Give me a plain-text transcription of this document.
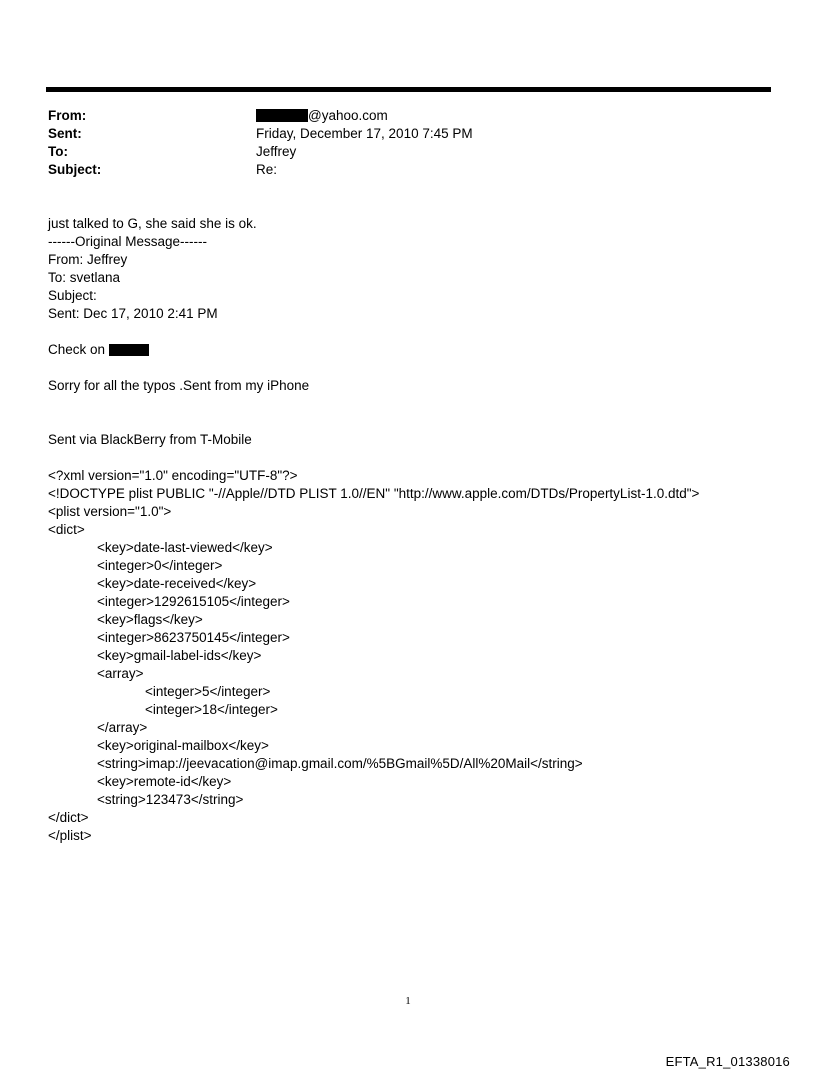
From:	@yahoo.com
Sent:	Friday, December 17, 2010 7:45 PM
To:	Jeffrey
Subject:	Re:
just talked to G, she said she is ok.
------Original Message------
From: Jeffrey
To: svetlana
Subject:
Sent: Dec 17, 2010 2:41 PM
Check on
Sorry for all the typos .Sent from my iPhone
Sent via BlackBerry from T-Mobile
<?xml version="1.0" encoding="UTF-8"?>
<!DOCTYPE plist PUBLIC "-//Apple//DTD PLIST 1.0//EN" "http://www.apple.com/DTDs/PropertyList-1.0.dtd">
<plist version="1.0">
<dict>
<key>date-last-viewed</key>
<integer>0</integer>
<key>date-received</key>
<integer>1292615105</integer>
<key>flags</key>
<integer>8623750145</integer>
<key>gmail-label-ids</key>
<array>
<integer>5</integer>
<integer>18</integer>
</array>
<key>original-mailbox</key>
<string>imap://jeevacation@imap.gmail.com/%5BGmail%5D/All%20Mail</string>
<key>remote-id</key>
<string>123473</string>
</dict>
</plist>
1
EFTA_R1_01338016
